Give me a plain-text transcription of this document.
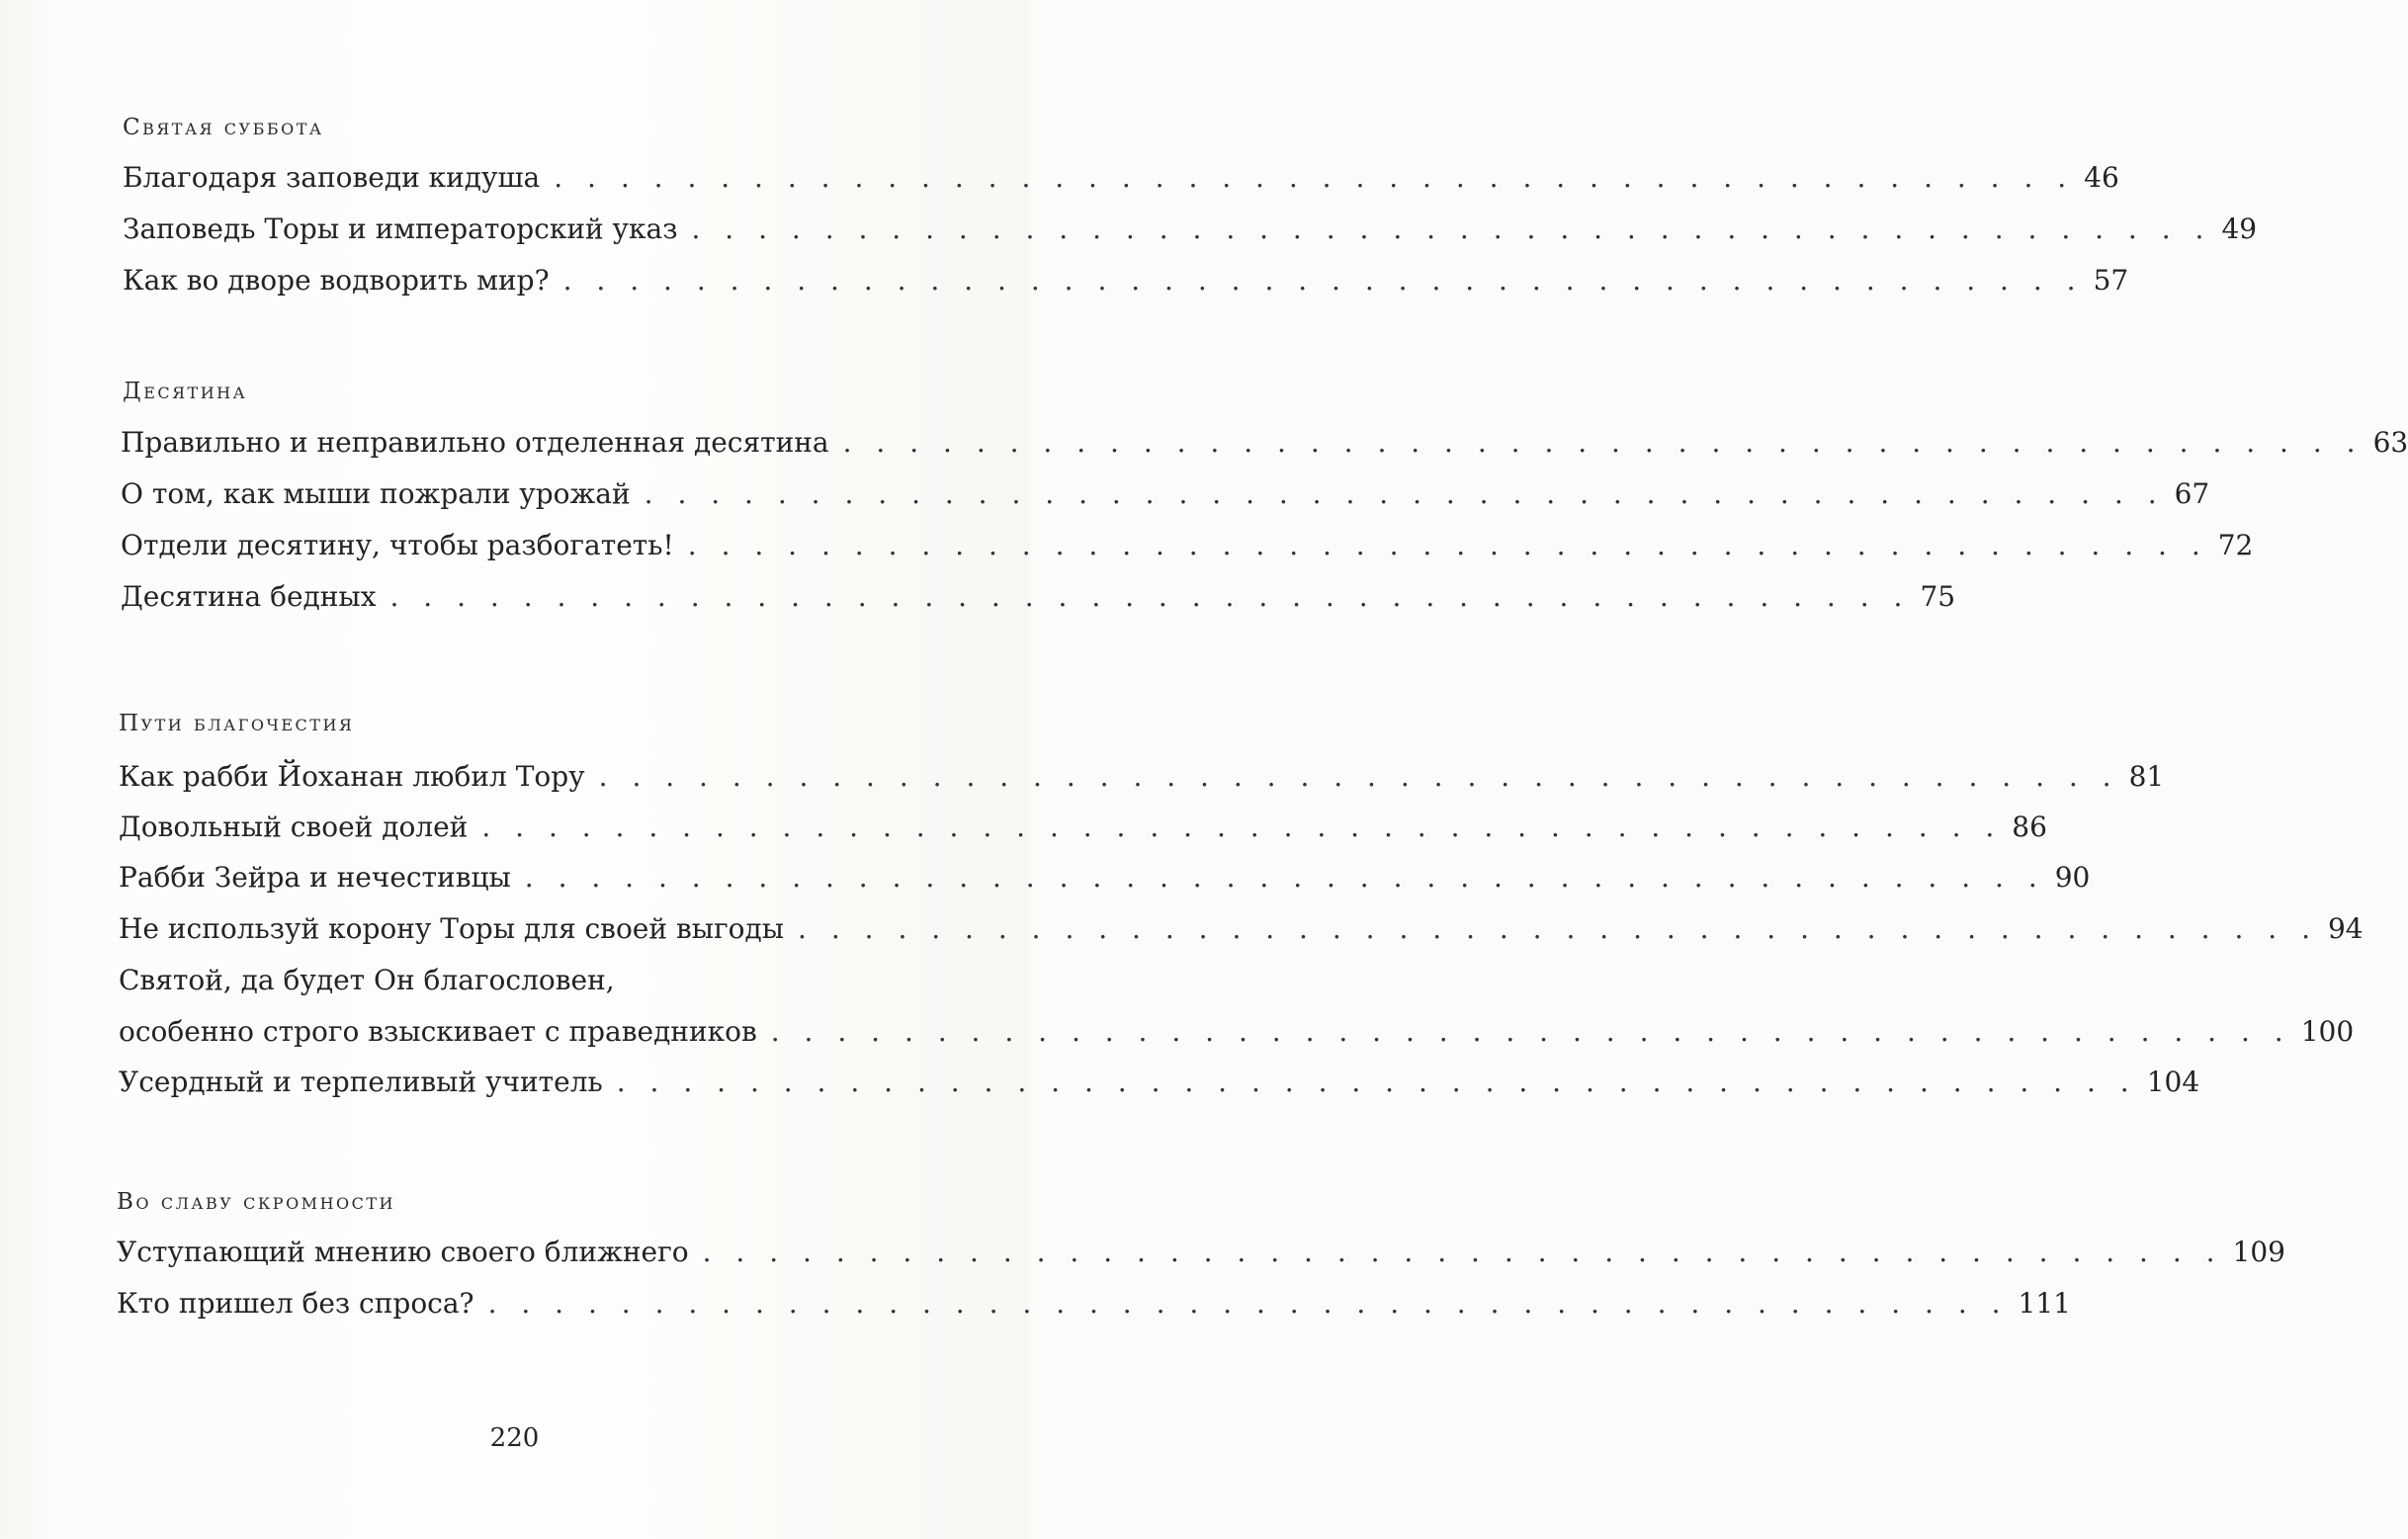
Святая суббота
Благодаря заповеди кидуша . . . . . . . . . . . . . . . . . . . . . . . . . . . . . . . . . . . . . . . . . . . . . . 46
Заповедь Торы и императорский указ . . . . . . . . . . . . . . . . . . . . . . . . . . . . . . . . . . . . . . . . . . . . . . 49
Как во дворе водворить мир? . . . . . . . . . . . . . . . . . . . . . . . . . . . . . . . . . . . . . . . . . . . . . . 57
Десятина
Правильно и неправильно отделенная десятина . . . . . . . . . . . . . . . . . . . . . . . . . . . . . . . . . . . . . . . . . . . . . . 63
О том, как мыши пожрали урожай . . . . . . . . . . . . . . . . . . . . . . . . . . . . . . . . . . . . . . . . . . . . . . 67
Отдели десятину, чтобы разбогатеть! . . . . . . . . . . . . . . . . . . . . . . . . . . . . . . . . . . . . . . . . . . . . . . 72
Десятина бедных . . . . . . . . . . . . . . . . . . . . . . . . . . . . . . . . . . . . . . . . . . . . . . 75
Пути благочестия
Как рабби Йоханан любил Тору . . . . . . . . . . . . . . . . . . . . . . . . . . . . . . . . . . . . . . . . . . . . . . 81
Довольный своей долей . . . . . . . . . . . . . . . . . . . . . . . . . . . . . . . . . . . . . . . . . . . . . . 86
Рабби Зейра и нечестивцы . . . . . . . . . . . . . . . . . . . . . . . . . . . . . . . . . . . . . . . . . . . . . . 90
Не используй корону Торы для своей выгоды . . . . . . . . . . . . . . . . . . . . . . . . . . . . . . . . . . . . . . . . . . . . . . 94
Святой, да будет Он благословен,
особенно строго взыскивает с праведников . . . . . . . . . . . . . . . . . . . . . . . . . . . . . . . . . . . . . . . . . . . . . . 100
Усердный и терпеливый учитель . . . . . . . . . . . . . . . . . . . . . . . . . . . . . . . . . . . . . . . . . . . . . . 104
Во славу скромности
Уступающий мнению своего ближнего . . . . . . . . . . . . . . . . . . . . . . . . . . . . . . . . . . . . . . . . . . . . . . 109
Кто пришел без спроса? . . . . . . . . . . . . . . . . . . . . . . . . . . . . . . . . . . . . . . . . . . . . . . 111
220
